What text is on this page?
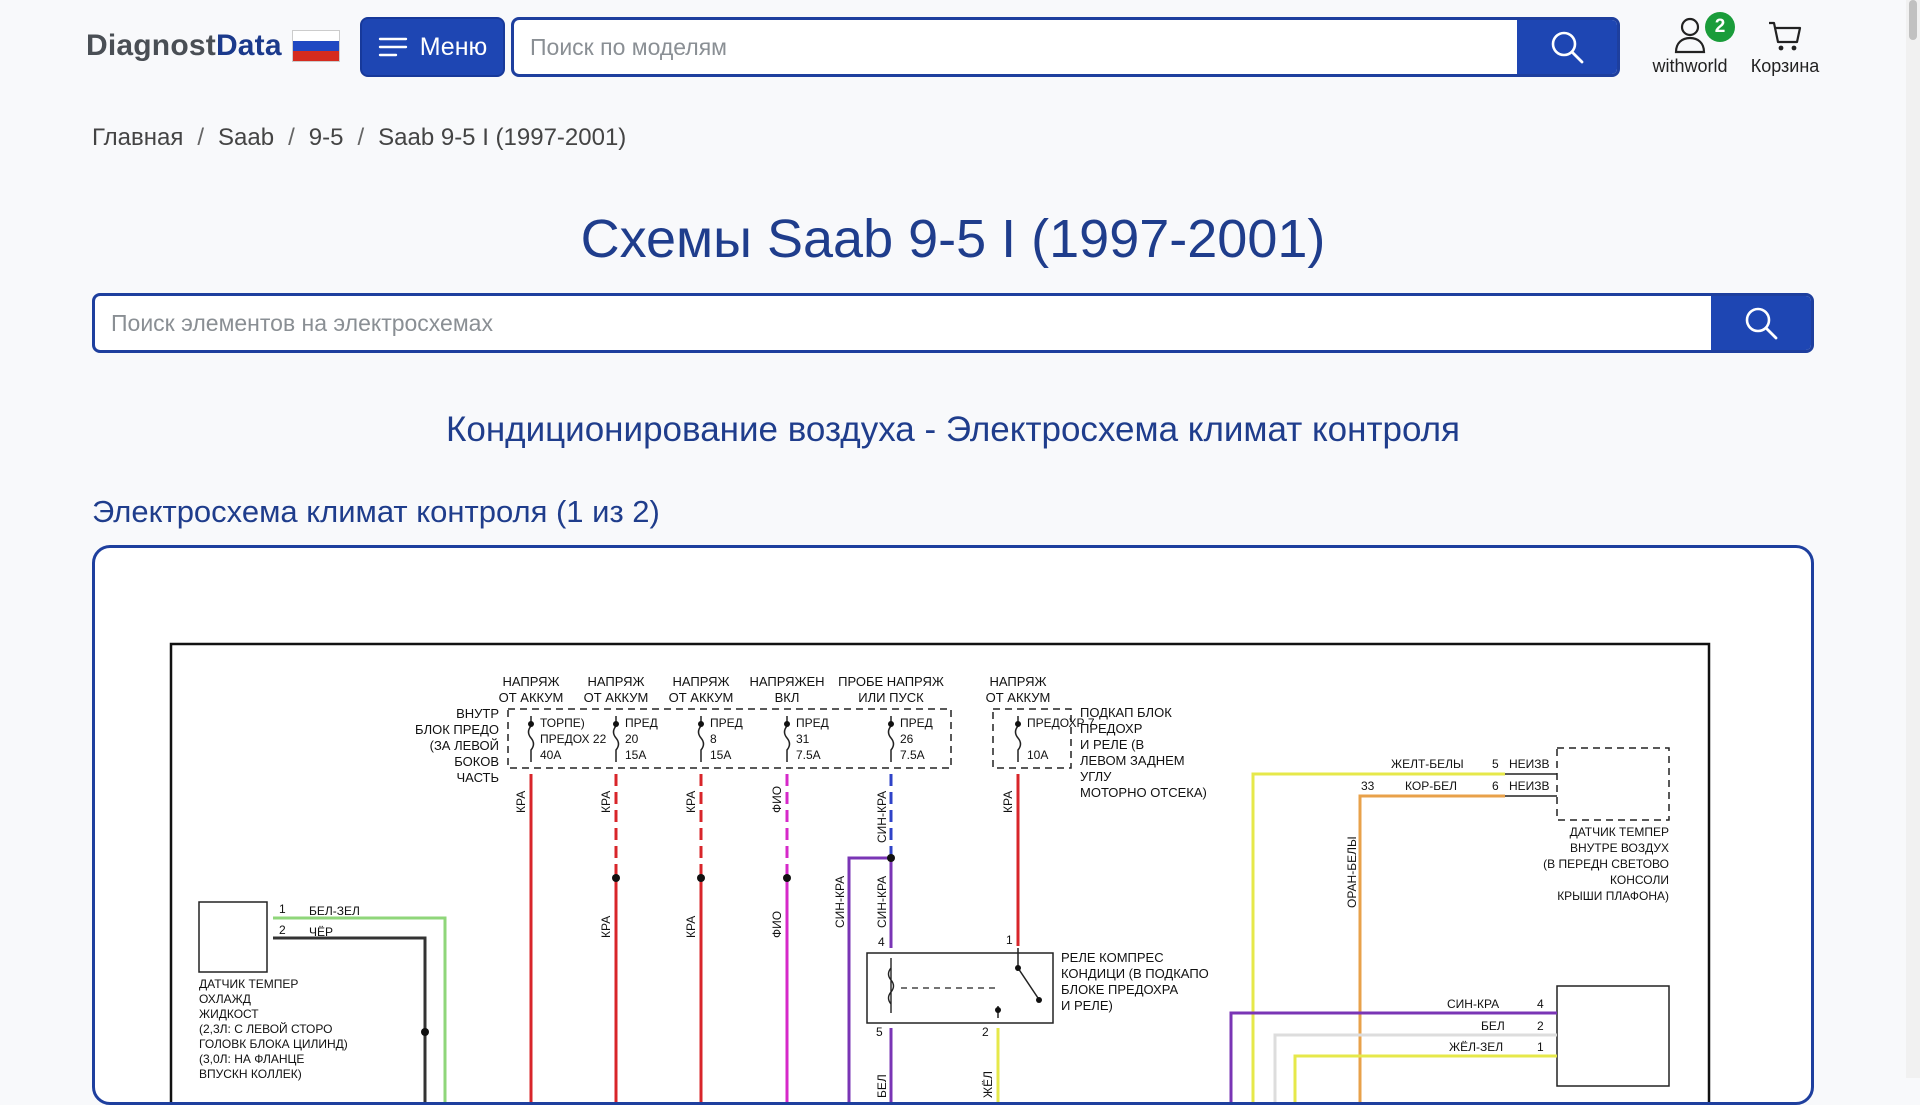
DiagnostData	Меню
Поиск по моделям
2
withworld	Корзина
Главная / Saab / 9-5 / Saab 9-5 I (1997-2001)
Схемы Saab 9-5 I (1997-2001)
Поиск элементов на электросхемах
Кондиционирование воздуха - Электросхема климат контроля
Электросхема климат контроля (1 из 2)
НАПРЯЖ
ОТ АККУМ
НАПРЯЖ
ОТ АККУМ
НАПРЯЖ
ОТ АККУМ
НАПРЯЖЕН
ВКЛ
ПРОБЕ НАПРЯЖ
ИЛИ ПУСК
НАПРЯЖ
ОТ АККУМ
ВНУТР
БЛОК ПРЕДО
(ЗА ЛЕВОЙ
БОКОВ
ЧАСТЬ
ТОРПЕ)
ПРЕДОХ 22
40A
ПРЕД
20
15A
ПРЕД
8
15A
ПРЕД
31
7.5A
ПРЕД
26
7.5A
ПРЕДОХР 7
10A
ПОДКАП БЛОК
ПРЕДОХР
И РЕЛЕ (В
ЛЕВОМ ЗАДНЕМ
УГЛУ
МОТОРНО ОТСЕКА)
КРА	КРА	КРА	ФИО	СИН-КРА	КРА
КРА	КРА	ФИО	СИН-КРА СИН-КРА
БЕЛ	ЖЁЛ
ОРАН-БЕЛЫ
4	1
5	2
РЕЛЕ КОМПРЕС
КОНДИЦИ (В ПОДКАПО
БЛОКЕ ПРЕДОХРА
И РЕЛЕ)
1
2
БЕЛ-ЗЕЛ
ЧЁР
ДАТЧИК ТЕМПЕР
ОХЛАЖД
ЖИДКОСТ
(2,3Л: С ЛЕВОЙ СТОРО
ГОЛОВК БЛОКА ЦИЛИНД)
(3,0Л: НА ФЛАНЦЕ
ВПУСКН КОЛЛЕК)
ЖЕЛТ-БЕЛЫ
КОР-БЕЛ
33
5
6
НЕИЗВ
НЕИЗВ
ДАТЧИК ТЕМПЕР
ВНУТРЕ ВОЗДУХ
(В ПЕРЕДН СВЕТОВО
КОНСОЛИ
КРЫШИ ПЛАФОНА)
СИН-КРА
БЕЛ
ЖЁЛ-ЗЕЛ
4
2
1
